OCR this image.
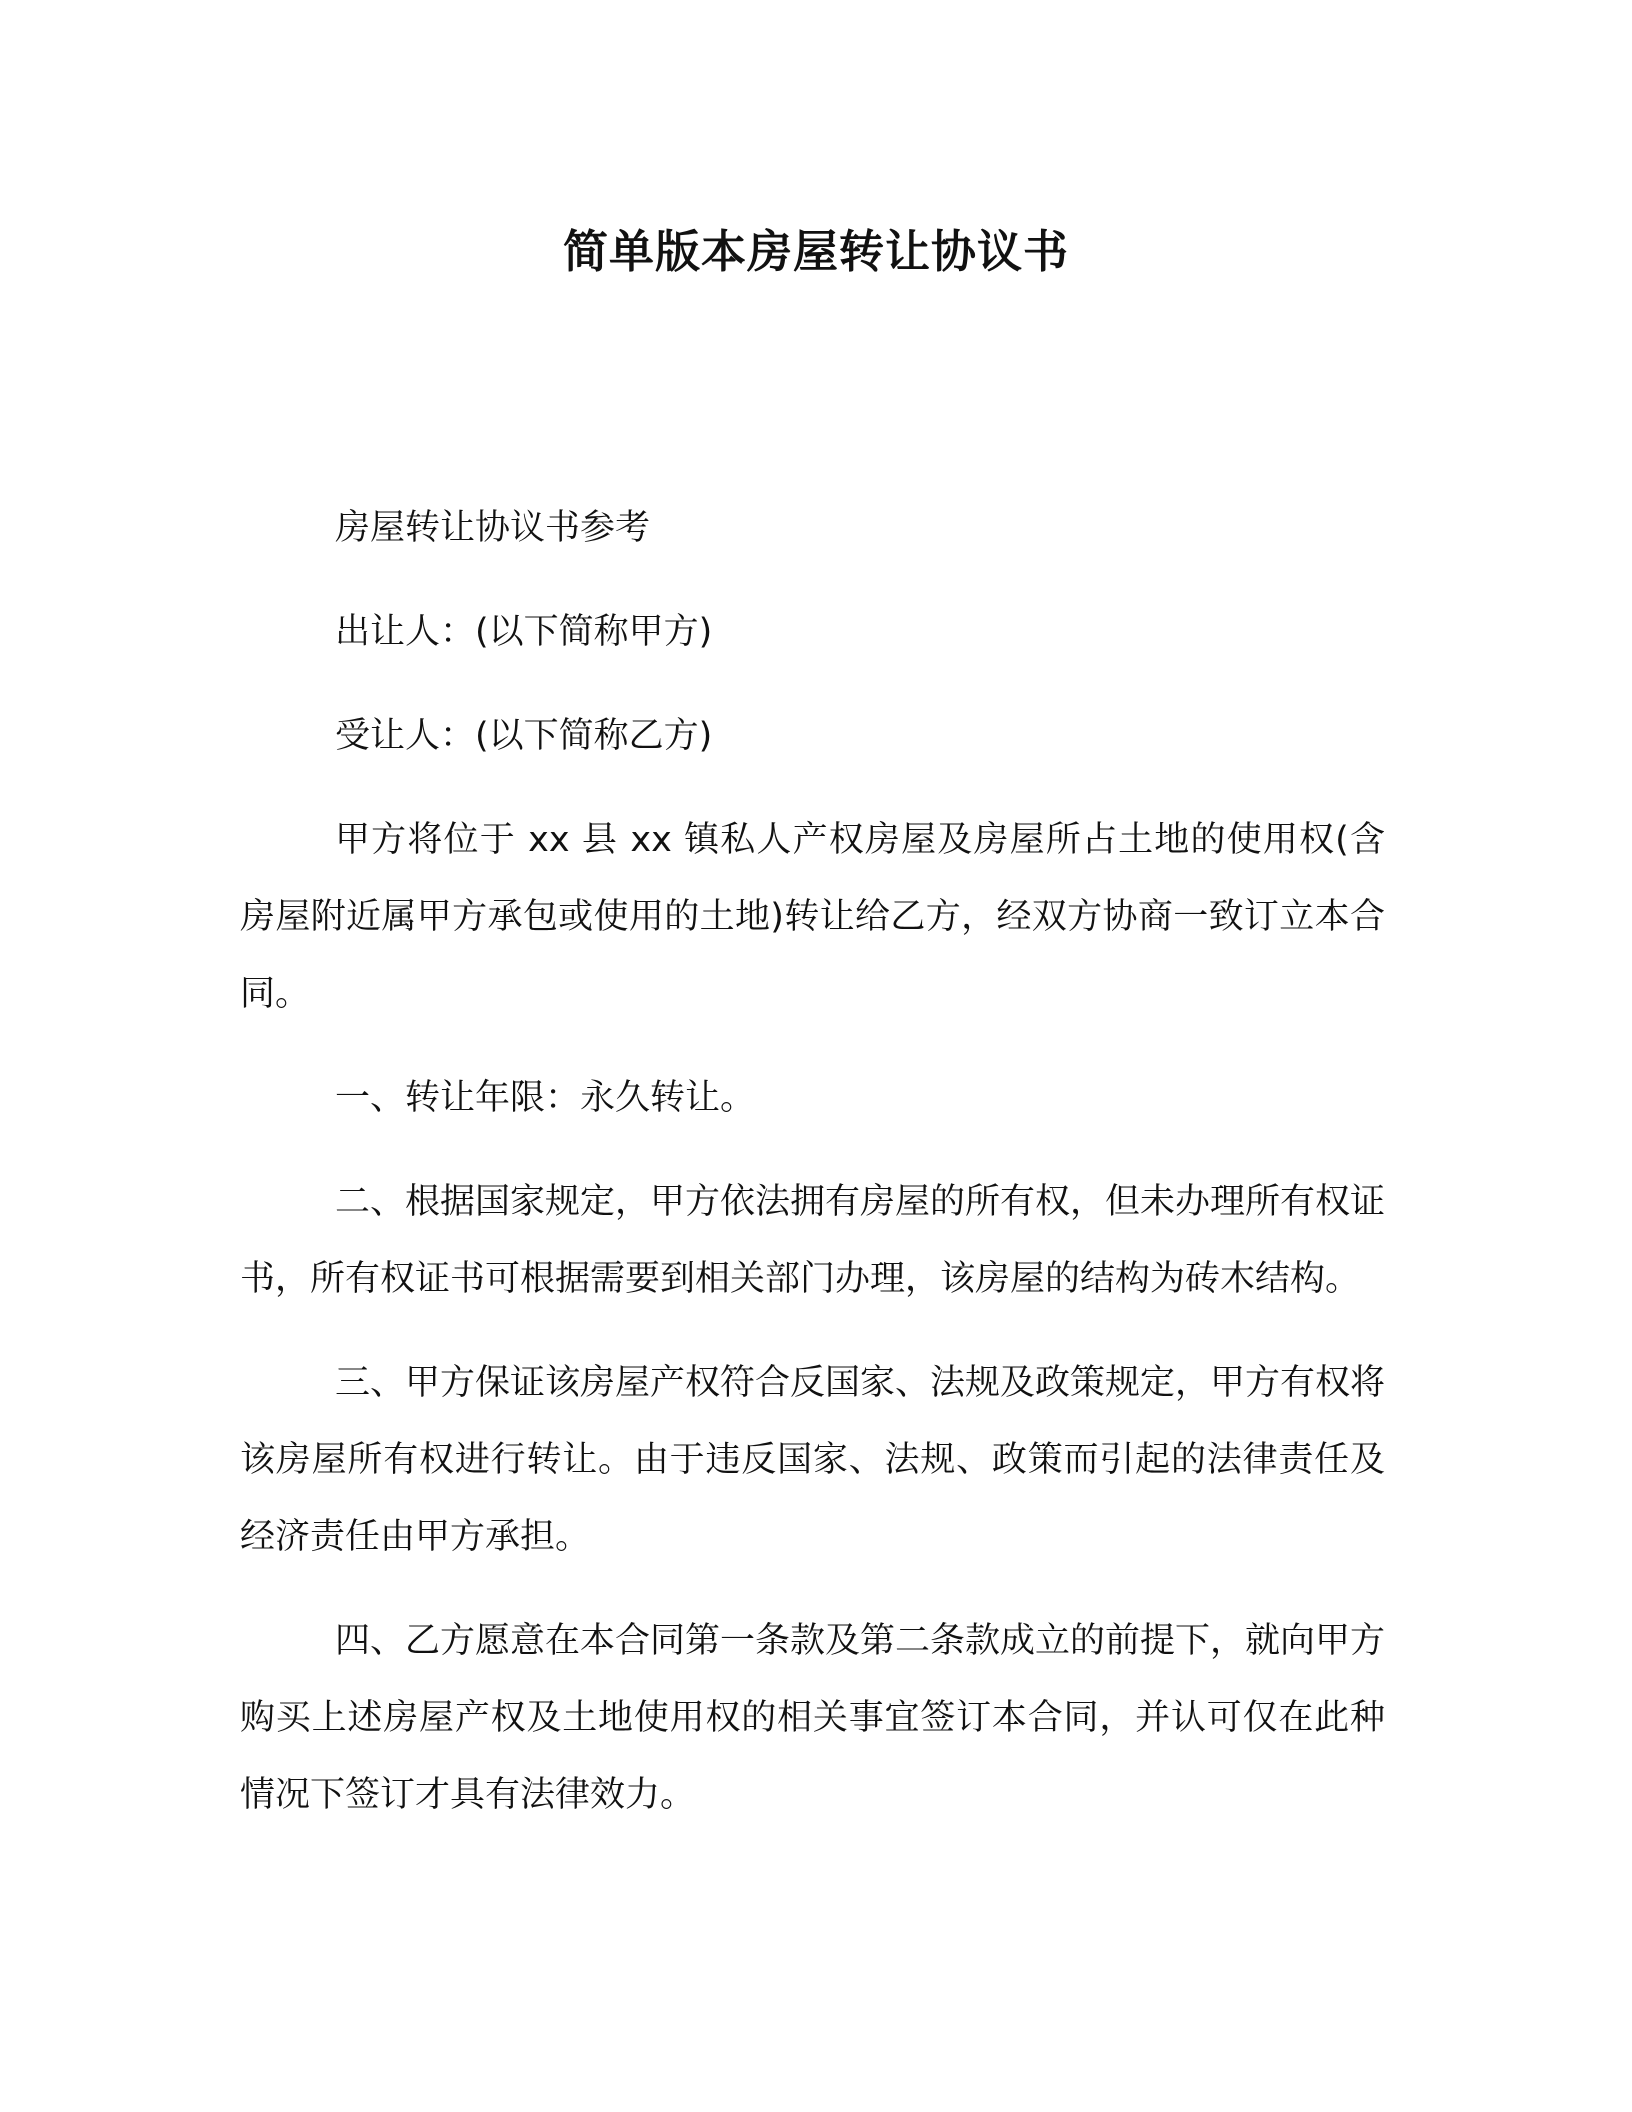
简单版本房屋转让协议书

房屋转让协议书参考

出让人：(以下简称甲方)

受让人：(以下简称乙方)

甲方将位于 xx 县 xx 镇私人产权房屋及房屋所占土地的使用权(含房屋附近属甲方承包或使用的土地)转让给乙方，经双方协商一致订立本合同。

一、转让年限：永久转让。

二、根据国家规定，甲方依法拥有房屋的所有权，但未办理所有权证书，所有权证书可根据需要到相关部门办理，该房屋的结构为砖木结构。

三、甲方保证该房屋产权符合反国家、法规及政策规定，甲方有权将该房屋所有权进行转让。由于违反国家、法规、政策而引起的法律责任及经济责任由甲方承担。

四、乙方愿意在本合同第一条款及第二条款成立的前提下，就向甲方购买上述房屋产权及土地使用权的相关事宜签订本合同，并认可仅在此种情况下签订才具有法律效力。
